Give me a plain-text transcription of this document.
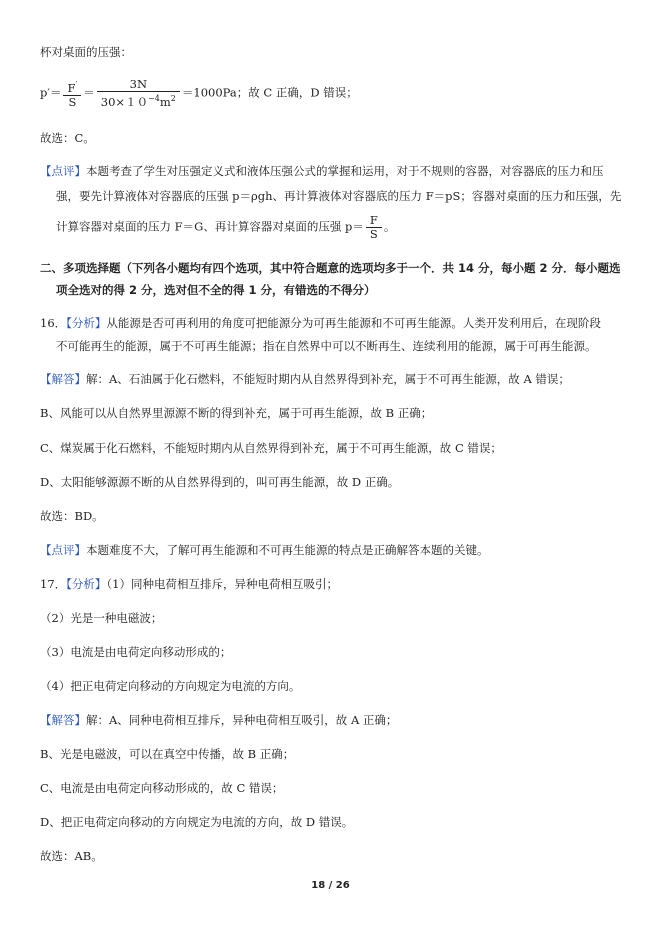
杯对桌面的压强：
$p'= \frac{F'}{S} = \frac{3N}{30\times 10^{-4}m^2} =1000Pa$；故 C 正确，D 错误；
故选：C。
【点评】本题考查了学生对压强定义式和液体压强公式的掌握和运用，对于不规则的容器，对容器底的压力和压
强，要先计算液体对容器底的压强 p＝ρgh、再计算液体对容器底的压力 F＝pS；容器对桌面的压力和压强，先
计算容器对桌面的压力 F＝G、再计算容器对桌面的压强 $p= \frac{F}{S}$ 。
二、多项选择题（下列各小题均有四个选项，其中符合题意的选项均多于一个．共 14 分，每小题 2 分．每小题选
项全选对的得 2 分，选对但不全的得 1 分，有错选的不得分）
16．【分析】从能源是否可再利用的角度可把能源分为可再生能源和不可再生能源。人类开发利用后，在现阶段
不可能再生的能源，属于不可再生能源；指在自然界中可以不断再生、连续利用的能源，属于可再生能源。
【解答】解：A、石油属于化石燃料，不能短时期内从自然界得到补充，属于不可再生能源，故 A 错误；
B、风能可以从自然界里源源不断的得到补充，属于可再生能源，故 B 正确；
C、煤炭属于化石燃料，不能短时期内从自然界得到补充，属于不可再生能源，故 C 错误；
D、太阳能够源源不断的从自然界得到的，叫可再生能源，故 D 正确。
故选：BD。
【点评】本题难度不大，了解可再生能源和不可再生能源的特点是正确解答本题的关键。
17．【分析】（1）同种电荷相互排斥，异种电荷相互吸引；
（2）光是一种电磁波；
（3）电流是由电荷定向移动形成的；
（4）把正电荷定向移动的方向规定为电流的方向。
【解答】解：A、同种电荷相互排斥，异种电荷相互吸引，故 A 正确；
B、光是电磁波，可以在真空中传播，故 B 正确；
C、电流是由电荷定向移动形成的，故 C 错误；
D、把正电荷定向移动的方向规定为电流的方向，故 D 错误。
故选：AB。
18 / 26
